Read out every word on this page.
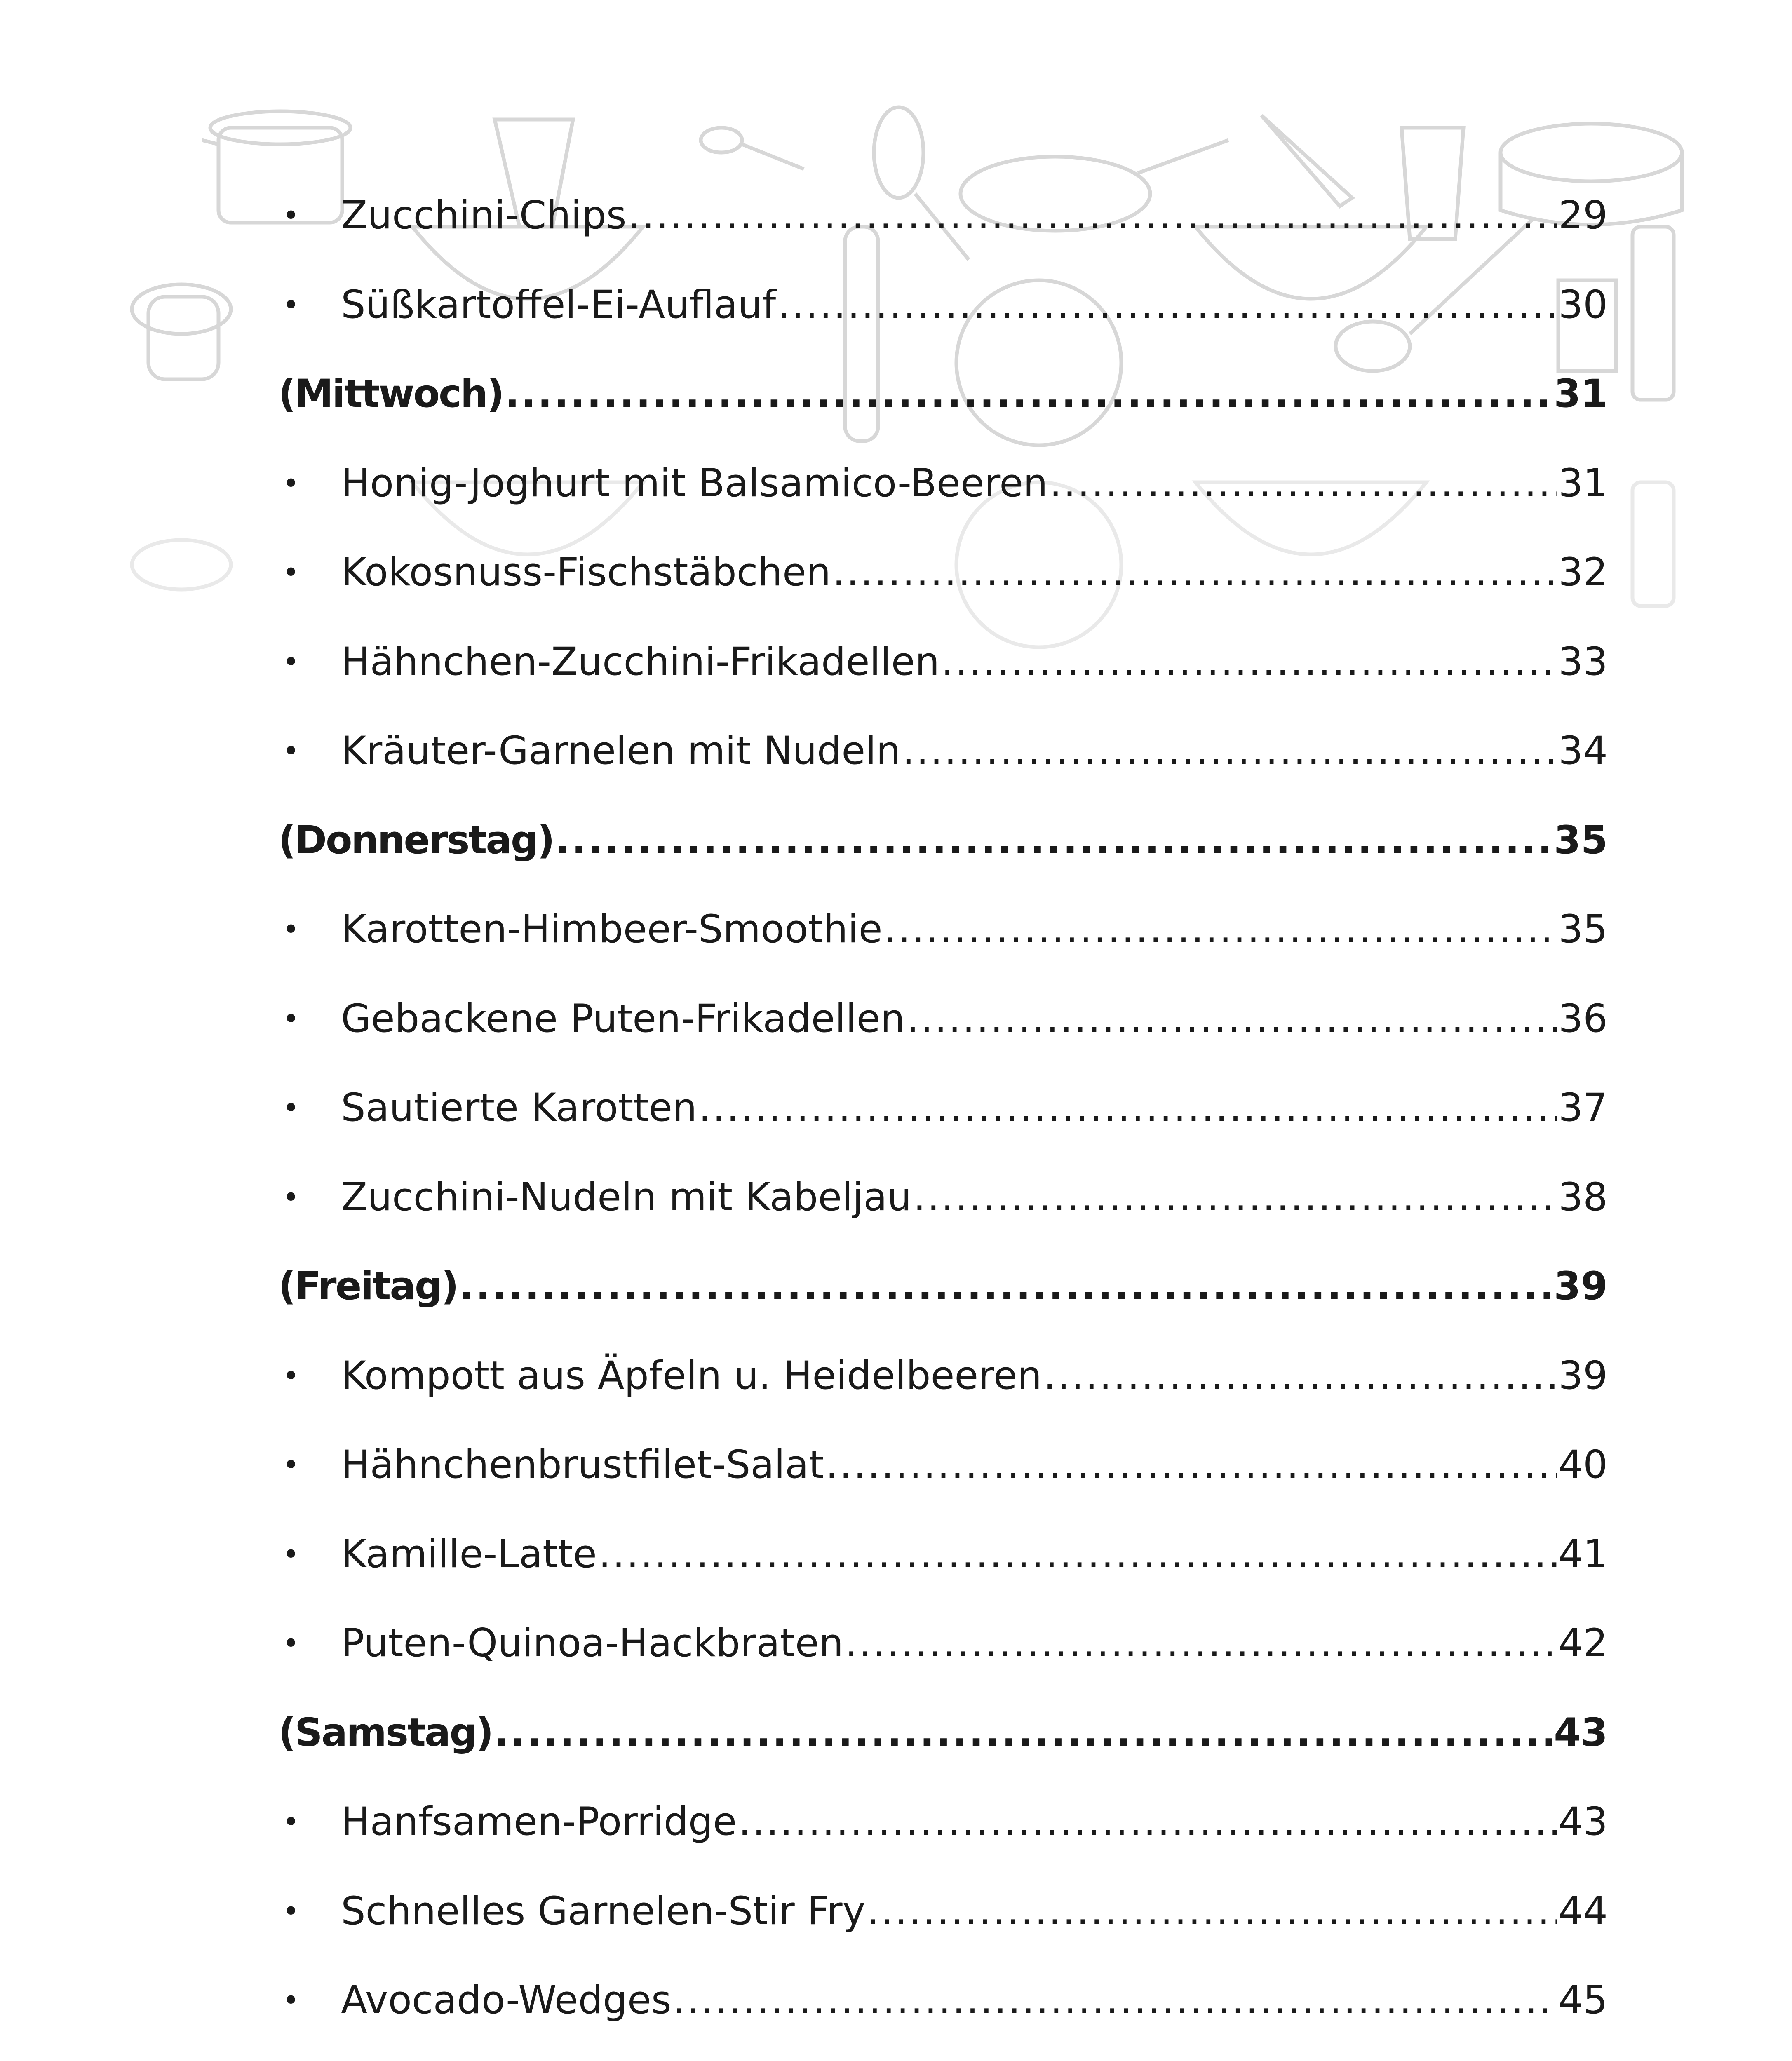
•	Zucchini-Chips .....	29
•	Süßkartoffel-Ei-Auflauf .....	30
(Mittwoch) .....	31
•	Honig-Joghurt mit Balsamico-Beeren .....	31
•	Kokosnuss-Fischstäbchen .....	32
•	Hähnchen-Zucchini-Frikadellen .....	33
•	Kräuter-Garnelen mit Nudeln .....	34
(Donnerstag) .....	35
•	Karotten-Himbeer-Smoothie .....	35
•	Gebackene Puten-Frikadellen .....	36
•	Sautierte Karotten .....	37
•	Zucchini-Nudeln mit Kabeljau .....	38
(Freitag) .....	39
•	Kompott aus Äpfeln u. Heidelbeeren .....	39
•	Hähnchenbrustfilet-Salat .....	40
•	Kamille-Latte .....	41
•	Puten-Quinoa-Hackbraten .....	42
(Samstag) .....	43
•	Hanfsamen-Porridge .....	43
•	Schnelles Garnelen-Stir Fry .....	44
•	Avocado-Wedges .....	45
